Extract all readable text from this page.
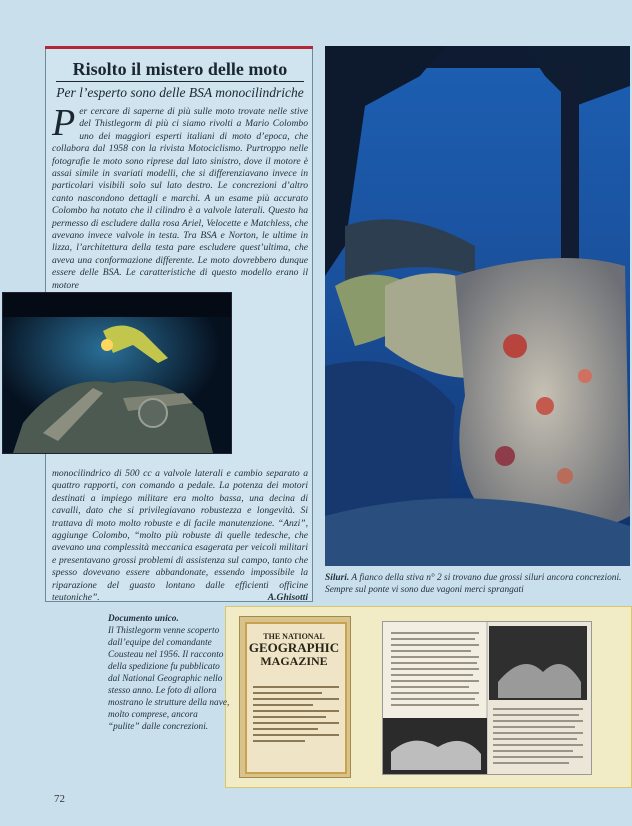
Risolto il mistero delle moto
Per l’esperto sono delle BSA monocilindriche
Per cercare di saperne di più sulle moto trovate nelle stive del Thistlegorm di più ci siamo rivolti a Mario Colombo uno dei maggiori esperti italiani di moto d’epoca, che collabora dal 1958 con la rivista Motociclismo. Purtroppo nelle fotografie le moto sono riprese dal lato sinistro, dove il motore è assai simile in svariati modelli, che si differenziavano invece in particolari visibili solo sul lato destro. Le concrezioni d’altro canto nascondono dettagli e marchi. A un esame più accurato Colombo ha notato che il cilindro è a valvole laterali. Questo ha permesso di escludere dalla rosa Ariel, Velocette e Matchless, che avevano invece valvole in testa. Tra BSA e Norton, le ultime in lizza, l’architettura della testa pare escludere quest’ultima, che aveva una conformazione differente. Le moto dovrebbero dunque essere delle BSA. Le caratteristiche di questo modello erano il motore
monocilindrico di 500 cc a valvole laterali e cambio separato a quattro rapporti, con comando a pedale. La potenza dei motori destinati a impiego militare era molto bassa, una decina di cavalli, dato che si privilegiavano robustezza e longevità. Si trattava di moto molto robuste e di facile manutenzione. “Anzi”, aggiunge Colombo, “molto più robuste di quelle tedesche, che avevano una complessità meccanica esagerata per veicoli militari e presentavano grossi problemi di assistenza sul campo, tanto che spesso dovevano essere abbandonate, essendo impossibile la riparazione del guasto lontano dalle efficienti officine teutoniche”.	A.Ghisotti
Siluri. A fianco della stiva n° 2 si trovano due grossi siluri ancora concrezioni. Sempre sul ponte vi sono due vagoni merci sprangati
Documento unico.
Il Thistlegorm venne scoperto dall’equipe del comandante Cousteau nel 1956. Il racconto della spedizione fu pubblicato dal National Geographic nello stesso anno. Le foto di allora mostrano le strutture della nave, molto comprese, ancora “pulite” dalle concrezioni.
THE NATIONAL
GEOGRAPHIC
MAGAZINE
72
